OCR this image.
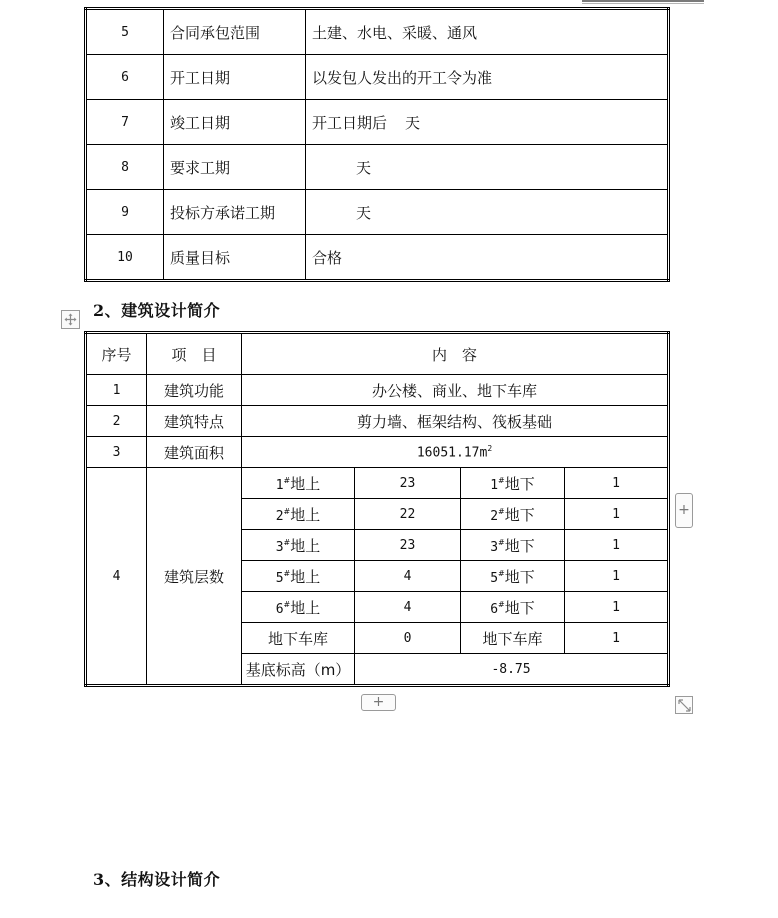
5	合同承包范围	土建、水电、采暖、通风
6	开工日期	以发包人发出的开工令为准
7	竣工日期	开工日期后 天
8	要求工期	天
9	投标方承诺工期	天
10	质量目标	合格
2、建筑设计简介
序号	项　目	内　容			
1	建筑功能	办公楼、商业、地下车库			
2	建筑特点	剪力墙、框架结构、筏板基础			
3	建筑面积	$16051.17m^2$
4	建筑层数	1#地上	23	1#地下	1
		2#地上	22	2#地下	1
		3#地上	23	3#地下	1
		5#地上	4	5#地下	1
		6#地上	4	6#地下	1
		地下车库	0	地下车库	1
		基底标高（m）	-8.75		
+
+
3、结构设计简介
